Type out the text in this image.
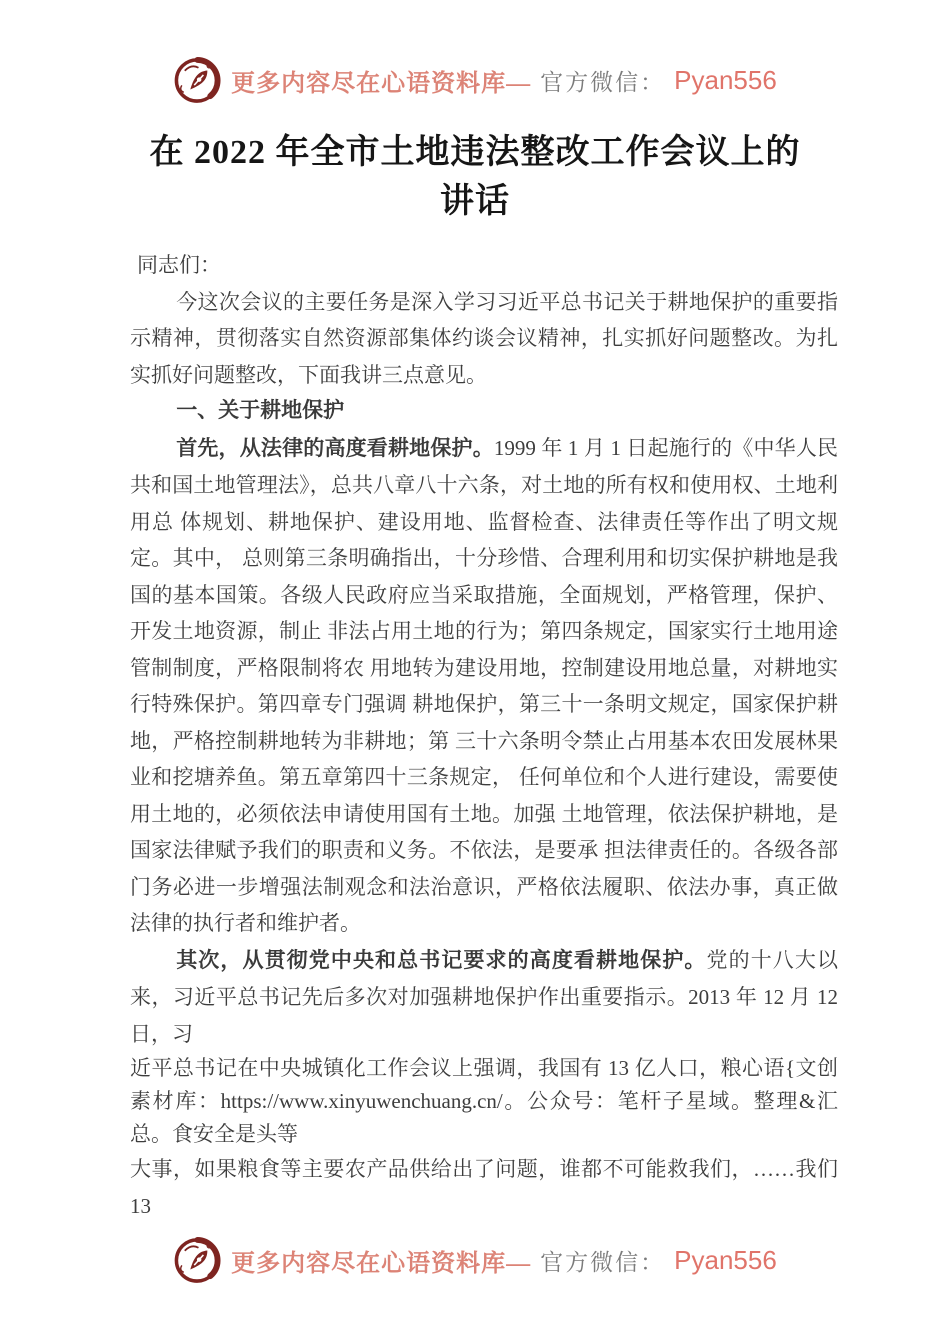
更多内容尽在心语资料库— 官方微信： Pyan556
在 2022 年全市土地违法整改工作会议上的
讲话

同志们：

今这次会议的主要任务是深入学习习近平总书记关于耕地保护的重要指示精神，贯彻落实自然资源部集体约谈会议精神，扎实抓好问题整改。为扎实抓好问题整改，下面我讲三点意见。

一、关于耕地保护

首先，从法律的高度看耕地保护。1999 年 1 月 1 日起施行的《中华人民共和国土地管理法》，总共八章八十六条，对土地的所有权和使用权、土地利用总 体规划、耕地保护、建设用地、监督检查、法律责任等作出了明文规定。其中， 总则第三条明确指出，十分珍惜、合理利用和切实保护耕地是我国的基本国策。各级人民政府应当采取措施，全面规划，严格管理，保护、开发土地资源，制止 非法占用土地的行为；第四条规定，国家实行土地用途管制制度，严格限制将农 用地转为建设用地，控制建设用地总量，对耕地实行特殊保护。第四章专门强调 耕地保护，第三十一条明文规定，国家保护耕地，严格控制耕地转为非耕地；第 三十六条明令禁止占用基本农田发展林果业和挖塘养鱼。第五章第四十三条规定， 任何单位和个人进行建设，需要使用土地的，必须依法申请使用国有土地。加强 土地管理，依法保护耕地，是国家法律赋予我们的职责和义务。不依法，是要承 担法律责任的。各级各部门务必进一步增强法制观念和法治意识，严格依法履职、依法办事，真正做法律的执行者和维护者。

其次，从贯彻党中央和总书记要求的高度看耕地保护。党的十八大以来，习近平总书记先后多次对加强耕地保护作出重要指示。2013 年 12 月 12 日，习

近平总书记在中央城镇化工作会议上强调，我国有 13 亿人口，粮心语{文创素材库：https://www.xinyuwenchuang.cn/。公众号：笔杆子星域。整理&汇总。食安全是头等

大事，如果粮食等主要农产品供给出了问题，谁都不可能救我们，……我们 13

更多内容尽在心语资料库— 官方微信： Pyan556
